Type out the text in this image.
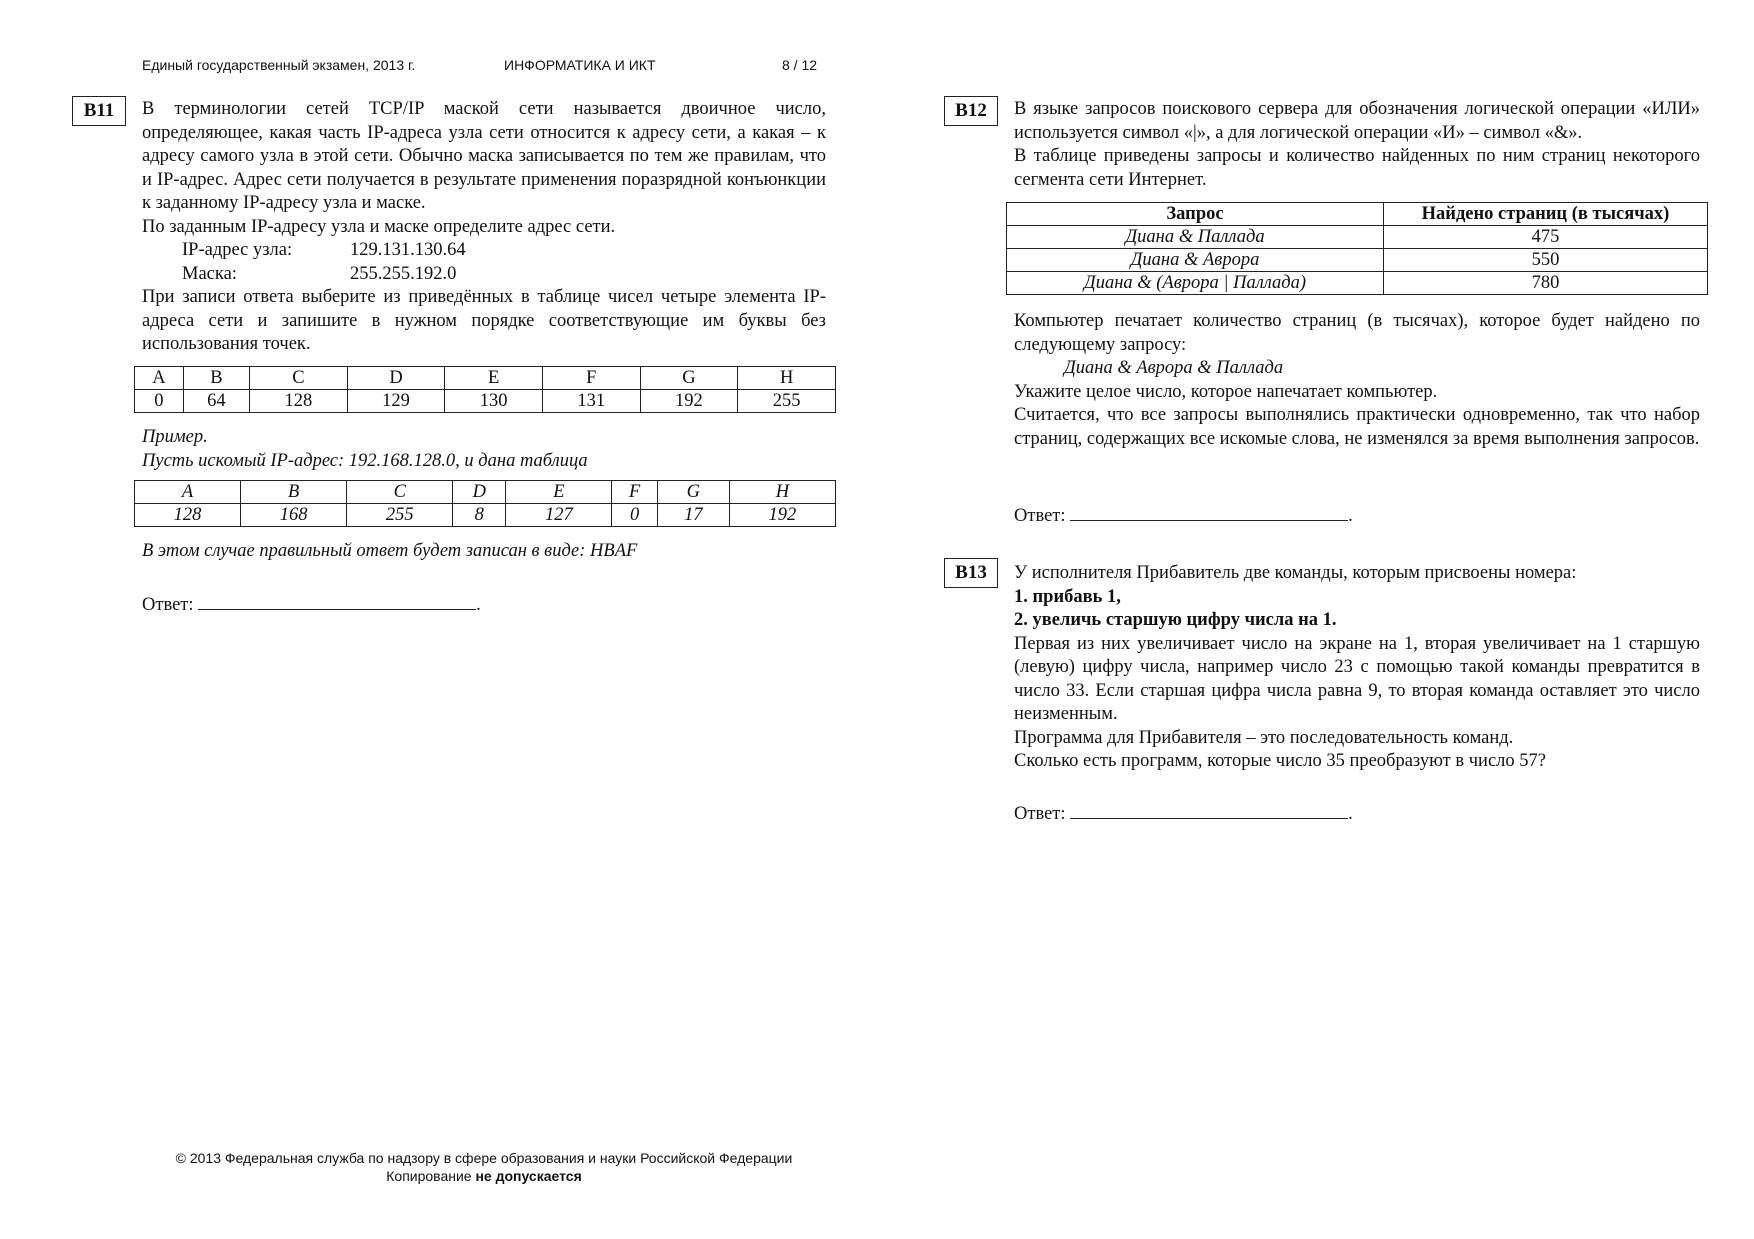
Единый государственный экзамен, 2013 г.	ИНФОРМАТИКА И ИКТ	8 / 12
B11	В терминологии сетей TCP/IP маской сети называется двоичное число, определяющее, какая часть IP-адреса узла сети относится к адресу сети, а какая – к адресу самого узла в этой сети. Обычно маска записывается по тем же правилам, что и IP-адрес. Адрес сети получается в результате применения поразрядной конъюнкции к заданному IP-адресу узла и маске.

По заданным IP-адресу узла и маске определите адрес сети.

IP-адрес узла:	129.131.130.64
Маска:	255.255.192.0

При записи ответа выберите из приведённых в таблице чисел четыре элемента IP-адреса сети и запишите в нужном порядке соответствующие им буквы без использования точек.

A	B	C	D	E	F	G	H
0	64	128	129	130	131	192	255
Пример.
Пусть искомый IP-адрес: 192.168.128.0, и дана таблица
A	B	C	D	E	F	G	H
128	168	255	8	127	0	17	192
В этом случае правильный ответ будет записан в виде: HBAF
Ответ:	.
B12	В языке запросов поискового сервера для обозначения логической операции «ИЛИ» используется символ «|», а для логической операции «И» – символ «&».

В таблице приведены запросы и количество найденных по ним страниц некоторого сегмента сети Интернет.

Запрос	Найдено страниц (в тысячах)
Диана & Паллада	475
Диана & Аврора	550
Диана & (Аврора | Паллада)	780

Компьютер печатает количество страниц (в тысячах), которое будет найдено по следующему запросу:

Диана & Аврора & Паллада

Укажите целое число, которое напечатает компьютер.

Считается, что все запросы выполнялись практически одновременно, так что набор страниц, содержащих все искомые слова, не изменялся за время выполнения запросов.

Ответ:	.
B13	У исполнителя Прибавитель две команды, которым присвоены номера:

1. прибавь 1,

2. увеличь старшую цифру числа на 1.

Первая из них увеличивает число на экране на 1, вторая увеличивает на 1 старшую (левую) цифру числа, например число 23 с помощью такой команды превратится в число 33. Если старшая цифра числа равна 9, то вторая команда оставляет это число неизменным.

Программа для Прибавителя – это последовательность команд.

Сколько есть программ, которые число 35 преобразуют в число 57?

Ответ:	.
© 2013 Федеральная служба по надзору в сфере образования и науки Российской Федерации
Копирование не допускается
